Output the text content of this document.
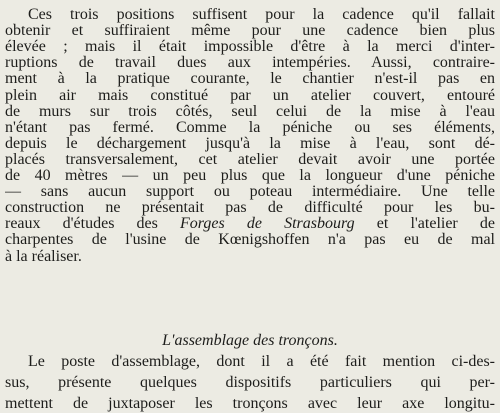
Ces trois positions suffisent pour la cadence qu'il fallait
obtenir et suffiraient même pour une cadence bien plus
élevée ; mais il était impossible d'être à la merci d'inter-
ruptions de travail dues aux intempéries. Aussi, contraire-
ment à la pratique courante, le chantier n'est-il pas en
plein air mais constitué par un atelier couvert, entouré
de murs sur trois côtés, seul celui de la mise à l'eau
n'étant pas fermé. Comme la péniche ou ses éléments,
depuis le déchargement jusqu'à la mise à l'eau, sont dé-
placés transversalement, cet atelier devait avoir une portée
de 40 mètres — un peu plus que la longueur d'une péniche
— sans aucun support ou poteau intermédiaire. Une telle
construction ne présentait pas de difficulté pour les bu-
reaux d'études des Forges de Strasbourg et l'atelier de
charpentes de l'usine de Kœnigshoffen n'a pas eu de mal
à la réaliser.
L'assemblage des tronçons.
Le poste d'assemblage, dont il a été fait mention ci-des-
sus, présente quelques dispositifs particuliers qui per-
mettent de juxtaposer les tronçons avec leur axe longitu-
